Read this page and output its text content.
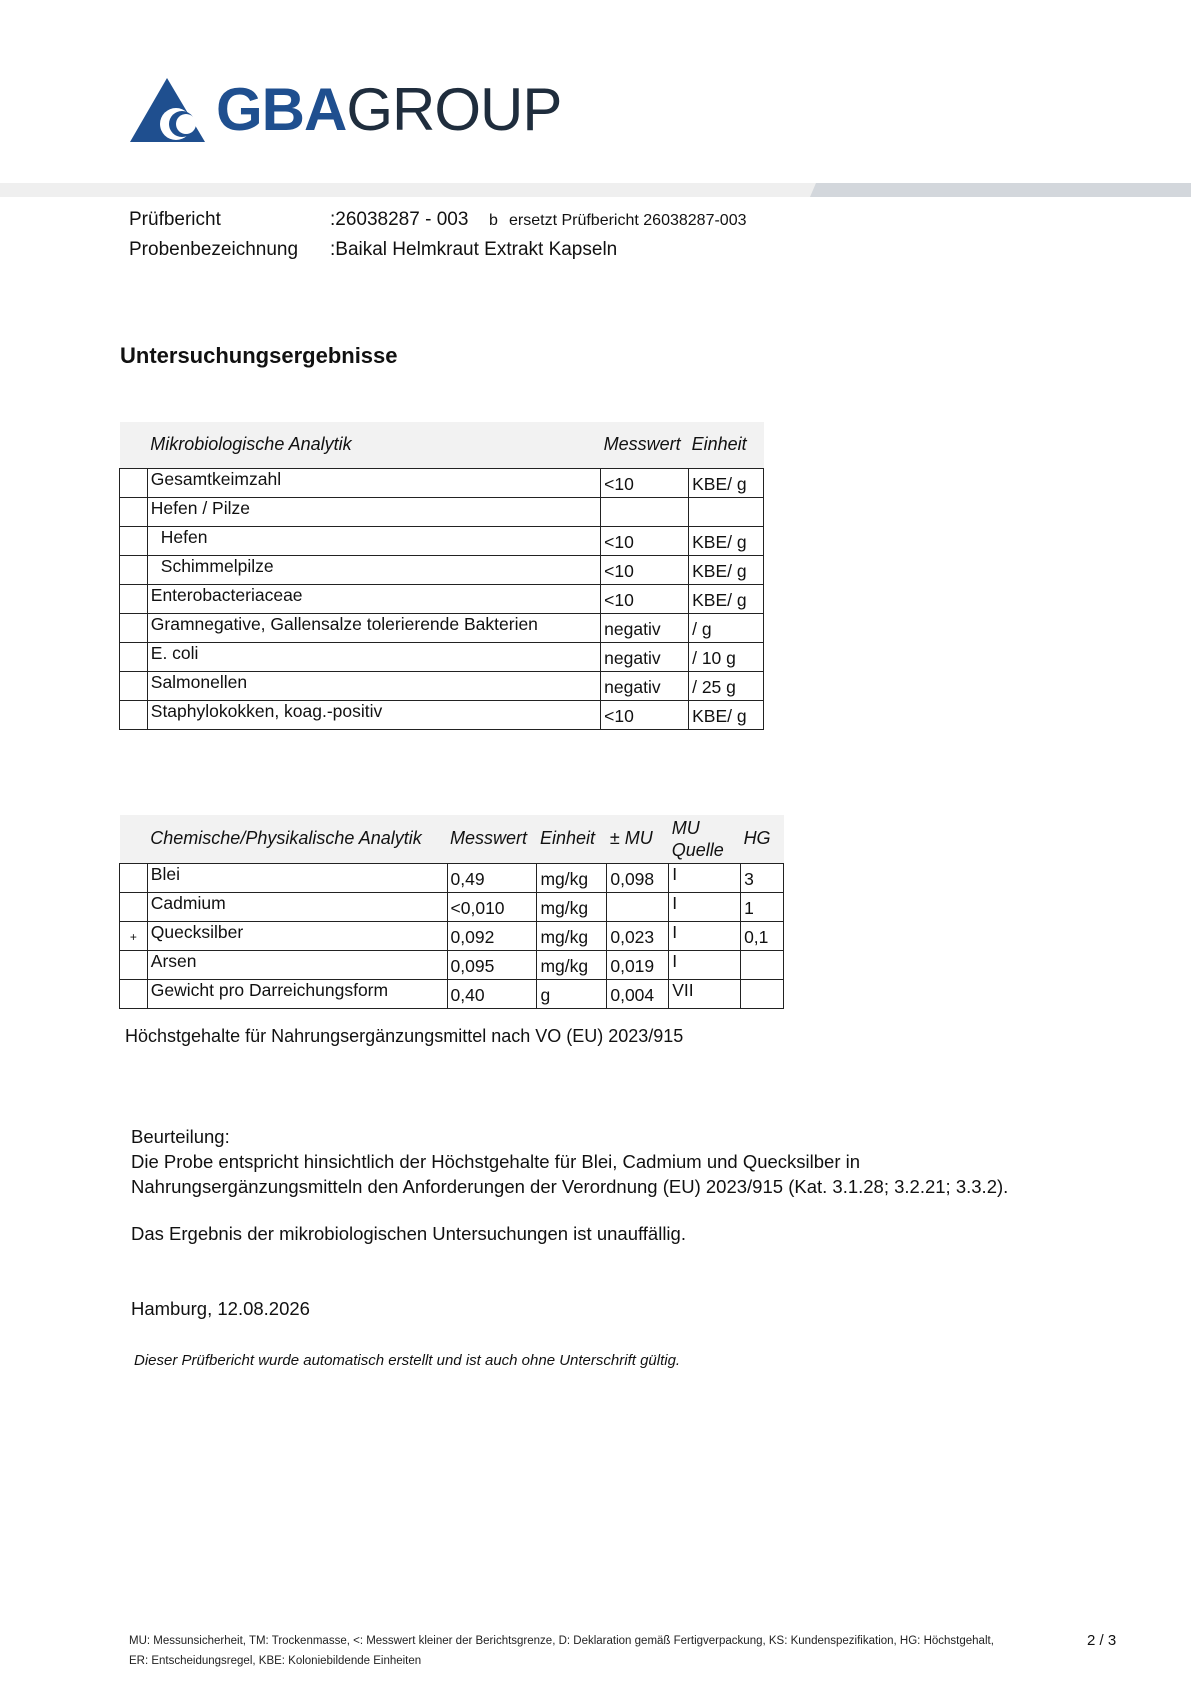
GBAGROUP
Prüfbericht	:26038287 - 003 b ersetzt Prüfbericht 26038287-003
Probenbezeichnung :Baikal Helmkraut Extrakt Kapseln
Untersuchungsergebnisse
	Mikrobiologische Analytik	Messwert	Einheit

	Gesamtkeimzahl	<10	KBE/ g

	Hefen / Pilze		

	Hefen	<10	KBE/ g

	Schimmelpilze	<10	KBE/ g

	Enterobacteriaceae	<10	KBE/ g

	Gramnegative, Gallensalze tolerierende Bakterien	negativ	/ g

	E. coli	negativ	/ 10 g

	Salmonellen	negativ	/ 25 g

	Staphylokokken, koag.-positiv	<10	KBE/ g
	Chemische/Physikalische Analytik	Messwert	Einheit	± MU	MU Quelle	HG

	Blei	0,49	mg/kg	0,098	I	3

	Cadmium	<0,010	mg/kg		I	1

+	Quecksilber	0,092	mg/kg	0,023	I	0,1

	Arsen	0,095	mg/kg	0,019	I	

	Gewicht pro Darreichungsform	0,40	g	0,004	VII	

Höchstgehalte für Nahrungsergänzungsmittel nach VO (EU) 2023/915
Beurteilung:
Die Probe entspricht hinsichtlich der Höchstgehalte für Blei, Cadmium und Quecksilber in
Nahrungsergänzungsmitteln den Anforderungen der Verordnung (EU) 2023/915 (Kat. 3.1.28; 3.2.21; 3.3.2).
Das Ergebnis der mikrobiologischen Untersuchungen ist unauffällig.
Hamburg, 12.08.2026
Dieser Prüfbericht wurde automatisch erstellt und ist auch ohne Unterschrift gültig.
MU: Messunsicherheit, TM: Trockenmasse, <: Messwert kleiner der Berichtsgrenze, D: Deklaration gemäß Fertigverpackung, KS: Kundenspezifikation, HG: Höchstgehalt,
ER: Entscheidungsregel, KBE: Koloniebildende Einheiten
2 / 3
